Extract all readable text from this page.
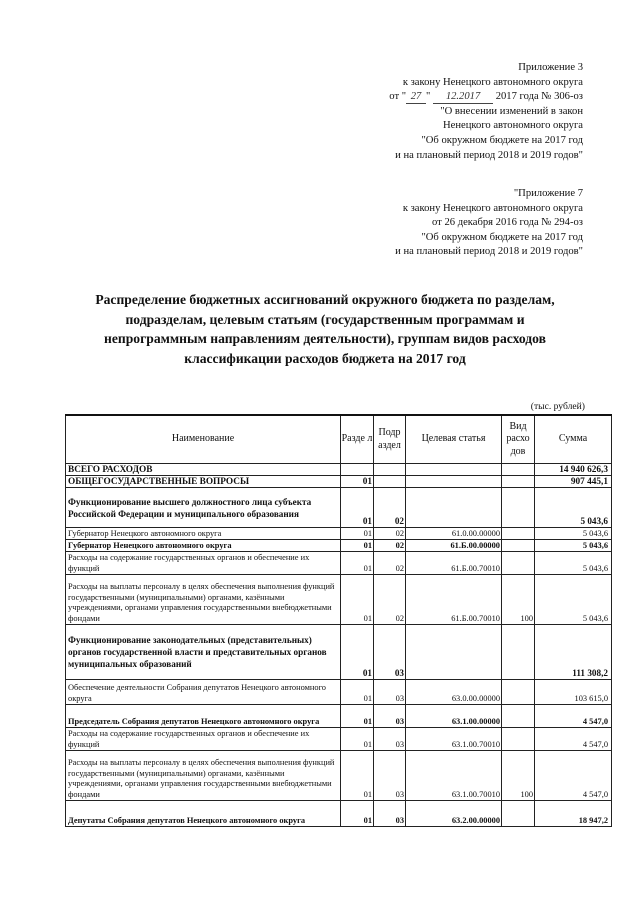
Приложение 3
к закону Ненецкого автономного округа
от " 27 " 12.2017 2017 года № 306-оз
"О внесении изменений в закон
Ненецкого автономного округа
"Об окружном бюджете на 2017 год
и на плановый период 2018 и 2019 годов"
"Приложение 7
к закону Ненецкого автономного округа
от 26 декабря 2016 года № 294-оз
"Об окружном бюджете на 2017 год
и на плановый период 2018 и 2019 годов"
Распределение бюджетных ассигнований окружного бюджета по разделам,
подразделам, целевым статьям (государственным программам и
непрограммным направлениям деятельности), группам видов расходов
классификации расходов бюджета на 2017 год
(тыс. рублей)
Наименование	Разде л	Подр аздел	Целевая статья	Вид расхо дов	Сумма
ВСЕГО РАСХОДОВ					14 940 626,3
ОБЩЕГОСУДАРСТВЕННЫЕ ВОПРОСЫ	01				907 445,1
Функционирование высшего должностного лица субъекта Российской Федерации и муниципального образования	01	02			5 043,6
Губернатор Ненецкого автономного округа	01	02	61.0.00.00000		5 043,6
Губернатор Ненецкого автономного округа	01	02	61.Б.00.00000		5 043,6
Расходы на содержание государственных органов и обеспечение их функций	01	02	61.Б.00.70010		5 043,6
Расходы на выплаты персоналу в целях обеспечения выполнения функций государственными (муниципальными) органами, казёнными учреждениями, органами управления государственными внебюджетными фондами	01	02	61.Б.00.70010	100	5 043,6
Функционирование законодательных (представительных) органов государственной власти и представительных органов муниципальных образований	01	03			111 308,2
Обеспечение деятельности Собрания депутатов Ненецкого автономного округа	01	03	63.0.00.00000		103 615,0
Председатель Собрания депутатов Ненецкого автономного округа	01	03	63.1.00.00000		4 547,0
Расходы на содержание государственных органов и обеспечение их функций	01	03	63.1.00.70010		4 547,0
Расходы на выплаты персоналу в целях обеспечения выполнения функций государственными (муниципальными) органами, казёнными учреждениями, органами управления государственными внебюджетными фондами	01	03	63.1.00.70010	100	4 547,0
Депутаты Собрания депутатов Ненецкого автономного округа	01	03	63.2.00.00000		18 947,2
